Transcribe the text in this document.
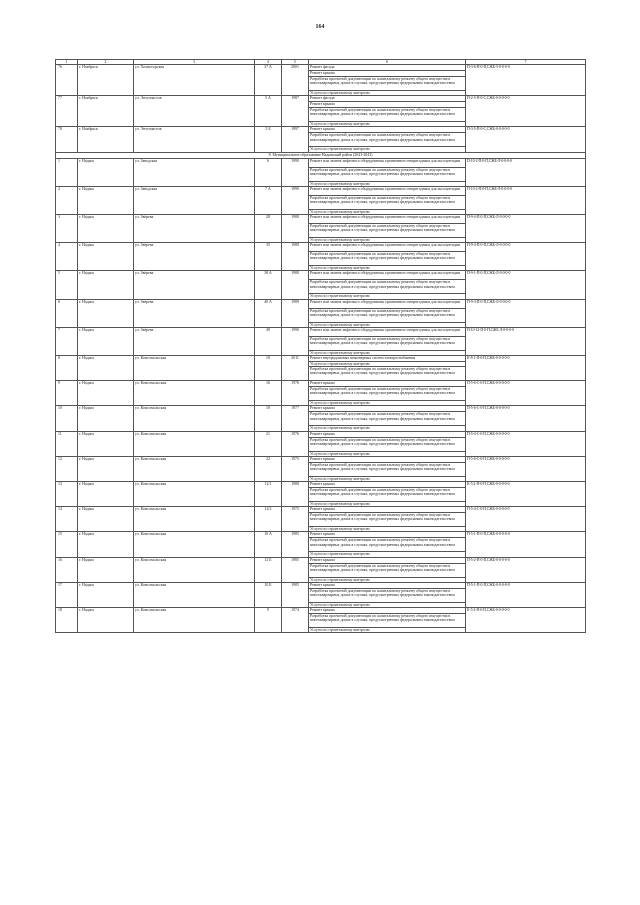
164
1	2	3	4	5	6	7
76	г. Ноябрьск	ул. Холмогорская	37 А	2001	Ремонт фасада	П-3-6-П-0-П,СЖБ-5-0-0-0-0
					Ремонт крыши	
					Разработка проектной документации по капитальному ремонту общего имущества в многоквартирных домах в случаях, предусмотренных федеральным законодательством	
					Услуги по строительному контролю	
77	г. Ноябрьск	ул. Энтузиастов	5 А	1987	Ремонт фасада	П-2-5-П-0-С,СЖБ-0-0-0-0-0
					Ремонт крыши	
					Разработка проектной документации по капитальному ремонту общего имущества в многоквартирных домах в случаях, предусмотренных федеральным законодательством	
					Услуги по строительному контролю	
78	г. Ноябрьск	ул. Энтузиастов	5 Б	1997	Ремонт крыши	П-3-5-П-0-С,СЖБ-0-0-0-0-0
					Разработка проектной документации по капитальному ремонту общего имущества в многоквартирных домах в случаях, предусмотренных федеральным законодательством	
					Услуги по строительному контролю	
8. Муниципальное образование Надымский район (2041-2043)						
1	г. Надым	ул. Заводская	6	1990	Ремонт или замена лифтового оборудования, признанного непригодным для эксплуатации	П-10-2-П-0-П,СЖБ-Л-0-0-0-0
					Разработка проектной документации по капитальному ремонту общего имущества в многоквартирных домах в случаях, предусмотренных федеральным законодательством	
					Услуги по строительному контролю	
2	г. Надым	ул. Заводская	7 А	1990	Ремонт или замена лифтового оборудования, признанного непригодным для эксплуатации	П-10-2-П-0-П,СЖБ-Л-0-0-0-0
					Разработка проектной документации по капитальному ремонту общего имущества в многоквартирных домах в случаях, предусмотренных федеральным законодательством	
					Услуги по строительному контролю	
3	г. Надым	ул. Звёрева	28	1988	Ремонт или замена лифтового оборудования, признанного непригодным для эксплуатации	П-9-4-П-0-П,СЖБ-Л-0-0-0-0
					Разработка проектной документации по капитальному ремонту общего имущества в многоквартирных домах в случаях, предусмотренных федеральным законодательством	
					Услуги по строительному контролю	
4	г. Надым	ул. Звёрева	35	1988	Ремонт или замена лифтового оборудования, признанного непригодным для эксплуатации	П-9-4-П-0-П,СЖБ-Л-0-0-0-0
					Разработка проектной документации по капитальному ремонту общего имущества в многоквартирных домах в случаях, предусмотренных федеральным законодательством	
					Услуги по строительному контролю	
5	г. Надым	ул. Звёрева	38 А	1988	Ремонт или замена лифтового оборудования, признанного непригодным для эксплуатации	П-9-1-П-0-П,СЖБ-Л-0-0-0-0
					Разработка проектной документации по капитальному ремонту общего имущества в многоквартирных домах в случаях, предусмотренных федеральным законодательством	
					Услуги по строительному контролю	
6	г. Надым	ул. Звёрева	40 А	1989	Ремонт или замена лифтового оборудования, признанного непригодным для эксплуатации	П-9-3-П-0-П,СЖБ-Л-0-0-0-0
					Разработка проектной документации по капитальному ремонту общего имущества в многоквартирных домах в случаях, предусмотренных федеральным законодательством	
					Услуги по строительному контролю	
7	г. Надым	ул. Звёрева	49	1990	Ремонт или замена лифтового оборудования, признанного непригодным для эксплуатации	П-10-12-П-0-П,СЖБ-Л-0-0-0-0
					Разработка проектной документации по капитальному ремонту общего имущества в многоквартирных домах в случаях, предусмотренных федеральным законодательством	
					Услуги по строительному контролю	
8	г. Надым	ул. Комсомольская	10	2011	Ремонт внутридомовых инженерных систем электроснабжения	К-8-1-П-0-П,СЖБ-0-0-0-0-0
					Услуги по строительному контролю	
					Разработка проектной документации по капитальному ремонту общего имущества в многоквартирных домах в случаях, предусмотренных федеральным законодательством	
9	г. Надым	ул. Комсомольская	16	1976	Ремонт крыши	П-5-6-С-0-П,СЖБ-0-0-0-0-0
					Разработка проектной документации по капитальному ремонту общего имущества в многоквартирных домах в случаях, предусмотренных федеральным законодательством	
					Услуги по строительному контролю	
10	г. Надым	ул. Комсомольская	18	1977	Ремонт крыши	П-5-6-С-0-П,СЖБ-0-0-0-0-0
					Разработка проектной документации по капитальному ремонту общего имущества в многоквартирных домах в случаях, предусмотренных федеральным законодательством	
					Услуги по строительному контролю	
11	г. Надым	ул. Комсомольская	21	1976	Ремонт крыши	П-5-4-С-0-П,СЖБ-0-0-0-0-0
					Разработка проектной документации по капитальному ремонту общего имущества в многоквартирных домах в случаях, предусмотренных федеральным законодательством	
					Услуги по строительному контролю	
12	г. Надым	ул. Комсомольская	22	1975	Ремонт крыши	П-5-6-С-0-П,СЖБ-0-0-0-0-0
					Разработка проектной документации по капитальному ремонту общего имущества в многоквартирных домах в случаях, предусмотренных федеральным законодательством	
					Услуги по строительному контролю	
13	г. Надым	ул. Комсомольская	12/1	1988	Ремонт крыши	К-5-2-П-0-П,СЖБ-0-0-0-0-0
					Разработка проектной документации по капитальному ремонту общего имущества в многоквартирных домах в случаях, предусмотренных федеральным законодательством	
					Услуги по строительному контролю	
14	г. Надым	ул. Комсомольская	12/2	1975	Ремонт крыши	П-5-4-С-0-П,СЖБ-0-0-0-0-0
					Разработка проектной документации по капитальному ремонту общего имущества в многоквартирных домах в случаях, предусмотренных федеральным законодательством	
					Услуги по строительному контролю	
15	г. Надым	ул. Комсомольская	10 А	1985	Ремонт крыши	П-5-1-П-0-П,СЖБ-0-0-0-0-0
					Разработка проектной документации по капитальному ремонту общего имущества в многоквартирных домах в случаях, предусмотренных федеральным законодательством	
					Услуги по строительному контролю	
16	г. Надым	ул. Комсомольская	12 Б	1985	Ремонт крыши	П-5-2-П-0-П,СЖБ-0-0-0-0-0
					Разработка проектной документации по капитальному ремонту общего имущества в многоквартирных домах в случаях, предусмотренных федеральным законодательством	
					Услуги по строительному контролю	
17	г. Надым	ул. Комсомольская	10 Б	1985	Ремонт крыши	П-5-1-П-0-П,СЖБ-0-0-0-0-0
					Разработка проектной документации по капитальному ремонту общего имущества в многоквартирных домах в случаях, предусмотренных федеральным законодательством	
					Услуги по строительному контролю	
18	г. Надым	ул. Комсомольская	9	1974	Ремонт крыши	К-5-3-П-0-П,СЖБ-0-0-0-0-0
					Разработка проектной документации по капитальному ремонту общего имущества в многоквартирных домах в случаях, предусмотренных федеральным законодательством	
					Услуги по строительному контролю	
